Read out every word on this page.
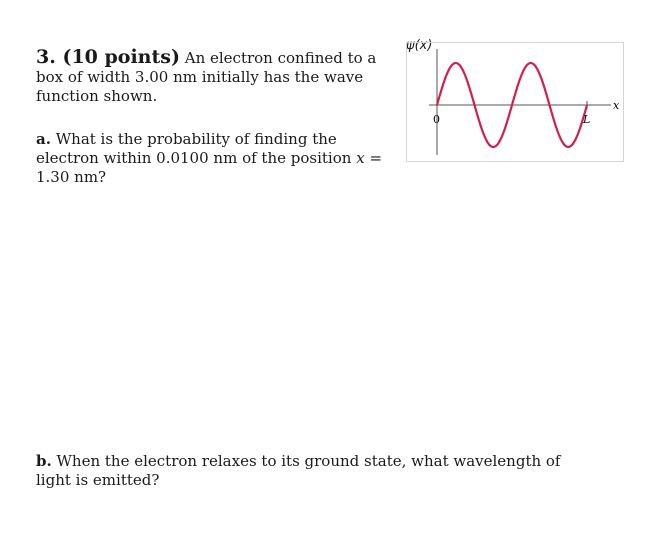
3. (10 points) An electron confined to a box of width 3.00 nm initially has the wave function shown.
ψ(x)
0	L
x
a. What is the probability of finding the electron within 0.0100 nm of the position x = 1.30 nm?
b. When the electron relaxes to its ground state, what wavelength of light is emitted?
